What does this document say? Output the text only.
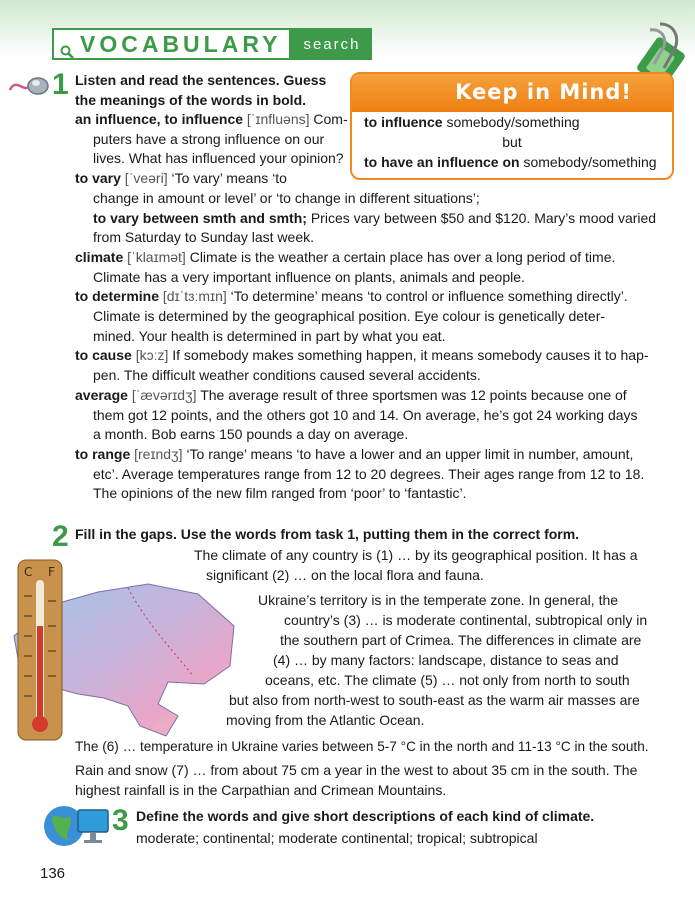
VOCABULARY	search
1 Listen and read the sentences. Guess
the meanings of the words in bold.	Keep in Mind!
to influence somebody/something
but
to have an influence on somebody/something
an influence, to influence [ˈɪnfluəns] Com-
puters have a strong influence on our
lives. What has influenced your opinion?
to vary [ˈveəri] ‘To vary’ means ‘to
change in amount or level’ or ‘to change in different situations’;
to vary between smth and smth; Prices vary between $50 and $120. Mary’s mood varied
from Saturday to Sunday last week.
climate [ˈklaɪmət] Climate is the weather a certain place has over a long period of time.
Climate has a very important influence on plants, animals and people.
to determine [dɪˈtɜːmɪn] ‘To determine’ means ‘to control or influence something directly’.
Climate is determined by the geographical position. Eye colour is genetically deter-
mined. Your health is determined in part by what you eat.
to cause [kɔːz] If somebody makes something happen, it means somebody causes it to hap-
pen. The difficult weather conditions caused several accidents.
average [ˈævərɪdʒ] The average result of three sportsmen was 12 points because one of
them got 12 points, and the others got 10 and 14. On average, he’s got 24 working days
a month. Bob earns 150 pounds a day on average.
to range [reɪndʒ] ‘To range’ means ‘to have a lower and an upper limit in number, amount,
etc’. Average temperatures range from 12 to 20 degrees. Their ages range from 12 to 18.
The opinions of the new film ranged from ‘poor’ to ‘fantastic’.
2 Fill in the gaps. Use the words from task 1, putting them in the correct form.
C F
The climate of any country is (1) … by its geographical position. It has a
significant (2) … on the local flora and fauna.
Ukraine’s territory is in the temperate zone. In general, the
country’s (3) … is moderate continental, subtropical only in
the southern part of Crimea. The differences in climate are
(4) … by many factors: landscape, distance to seas and
oceans, etc. The climate (5) … not only from north to south
but also from north-west to south-east as the warm air masses are
moving from the Atlantic Ocean.
The (6) … temperature in Ukraine varies between 5-7 °C in the north and 11-13 °C in the south.
Rain and snow (7) … from about 75 cm a year in the west to about 35 cm in the south. The
highest rainfall is in the Carpathian and Crimean Mountains.
3 Define the words and give short descriptions of each kind of climate.
moderate; continental; moderate continental; tropical; subtropical
136
